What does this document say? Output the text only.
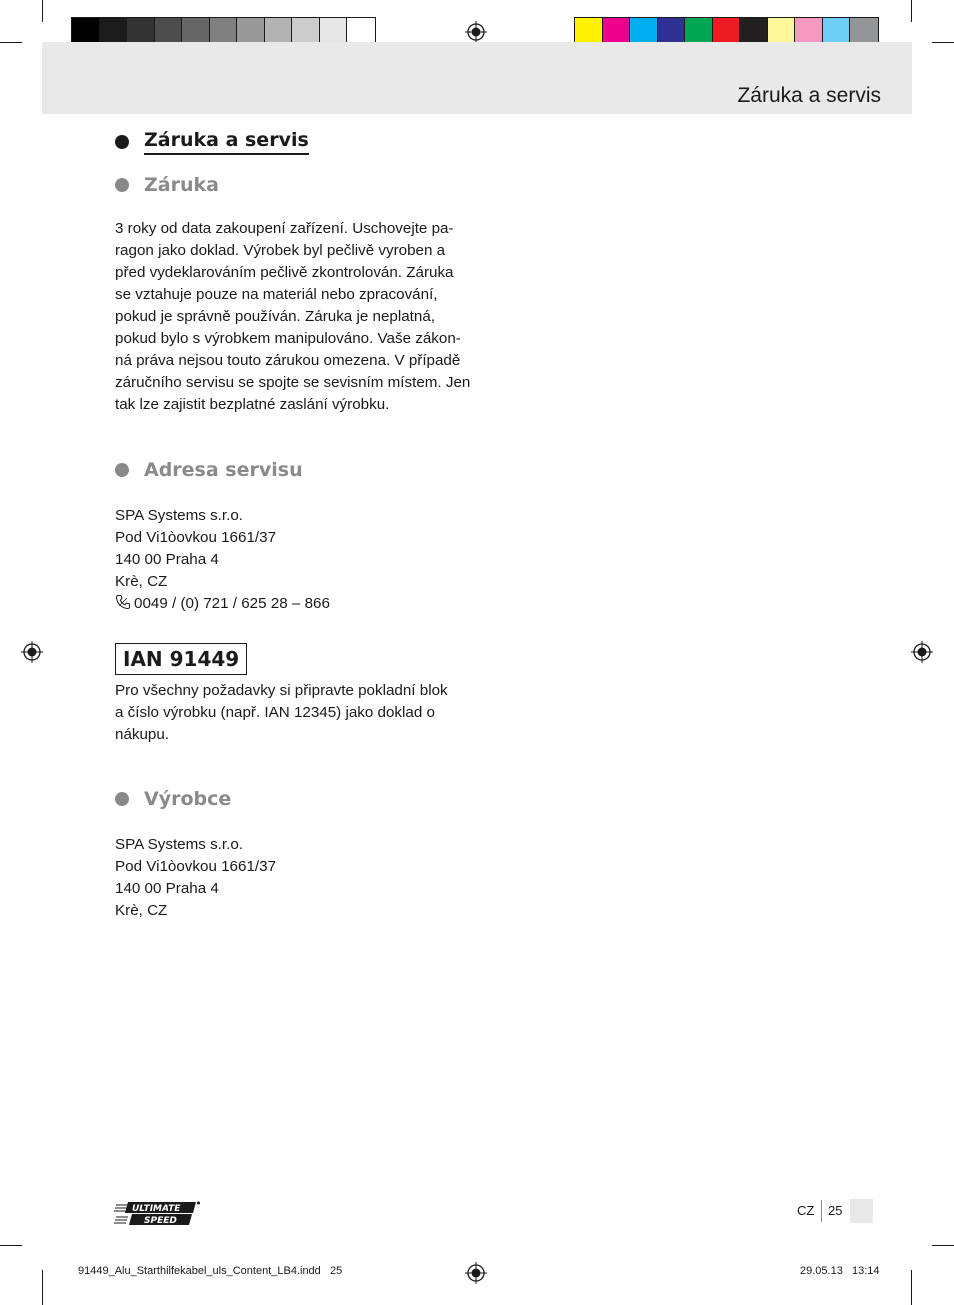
Záruka a servis
Záruka a servis
Záruka
3 roky od data zakoupení zařízení. Uschovejte pa-
ragon jako doklad. Výrobek byl pečlivě vyroben a
před vydeklarováním pečlivě zkontrolován. Záruka
se vztahuje pouze na materiál nebo zpracování,
pokud je správně používán. Záruka je neplatná,
pokud bylo s výrobkem manipulováno. Vaše zákon-
ná práva nejsou touto zárukou omezena. V případě
záručního servisu se spojte se sevisním místem. Jen
tak lze zajistit bezplatné zaslání výrobku.
Adresa servisu
SPA Systems s.r.o.
Pod Vi1òovkou 1661/37
140 00 Praha 4
Krè, CZ
0049 / (0) 721 / 625 28 – 866
IAN 91449
Pro všechny požadavky si připravte pokladní blok
a číslo výrobku (např. IAN 12345) jako doklad o
nákupu.
Výrobce
SPA Systems s.r.o.
Pod Vi1òovkou 1661/37
140 00 Praha 4
Krè, CZ
ULTIMATE
SPEED
CZ 25
91449_Alu_Starthilfekabel_uls_Content_LB4.indd   25	29.05.13   13:14
